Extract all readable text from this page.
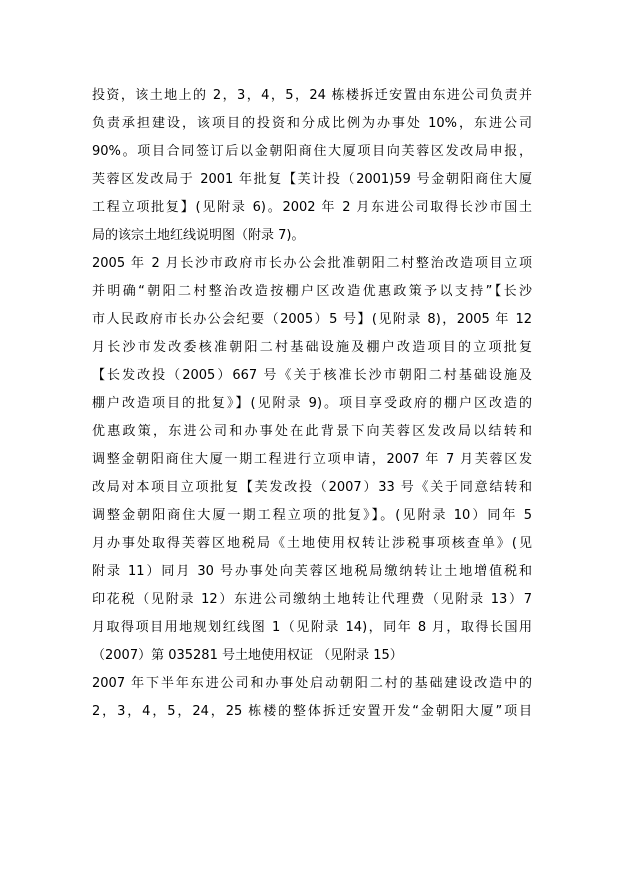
投资，该土地上的 2，3，4，5，24 栋楼拆迁安置由东进公司负责并
负责承担建设，该项目的投资和分成比例为办事处 10%，东进公司
90%。项目合同签订后以金朝阳商住大厦项目向芙蓉区发改局申报，
芙蓉区发改局于 2001 年批复【芙计投（2001)59 号金朝阳商住大厦
工程立项批复】(见附录 6)。2002 年 2 月东进公司取得长沙市国土
局的该宗土地红线说明图（附录 7)。
2005 年 2 月长沙市政府市长办公会批准朝阳二村整治改造项目立项
并明确“朝阳二村整治改造按棚户区改造优惠政策予以支持”【长沙
市人民政府市长办公会纪要（2005）5 号】(见附录 8)，2005 年 12
月长沙市发改委核准朝阳二村基础设施及棚户改造项目的立项批复
【长发改投（2005）667 号《关于核准长沙市朝阳二村基础设施及
棚户改造项目的批复》】(见附录 9)。项目享受政府的棚户区改造的
优惠政策，东进公司和办事处在此背景下向芙蓉区发改局以结转和
调整金朝阳商住大厦一期工程进行立项申请，2007 年 7 月芙蓉区发
改局对本项目立项批复【芙发改投（2007）33 号《关于同意结转和
调整金朝阳商住大厦一期工程立项的批复》】。(见附录 10）同年 5
月办事处取得芙蓉区地税局《土地使用权转让涉税事项核查单》(见
附录 11）同月 30 号办事处向芙蓉区地税局缴纳转让土地增值税和
印花税（见附录 12）东进公司缴纳土地转让代理费（见附录 13）7
月取得项目用地规划红线图 1（见附录 14)，同年 8 月，取得长国用
（2007）第 035281 号土地使用权证 （见附录 15）
2007 年下半年东进公司和办事处启动朝阳二村的基础建设改造中的
2，3，4，5，24，25 栋楼的整体拆迁安置开发“金朝阳大厦”项目
